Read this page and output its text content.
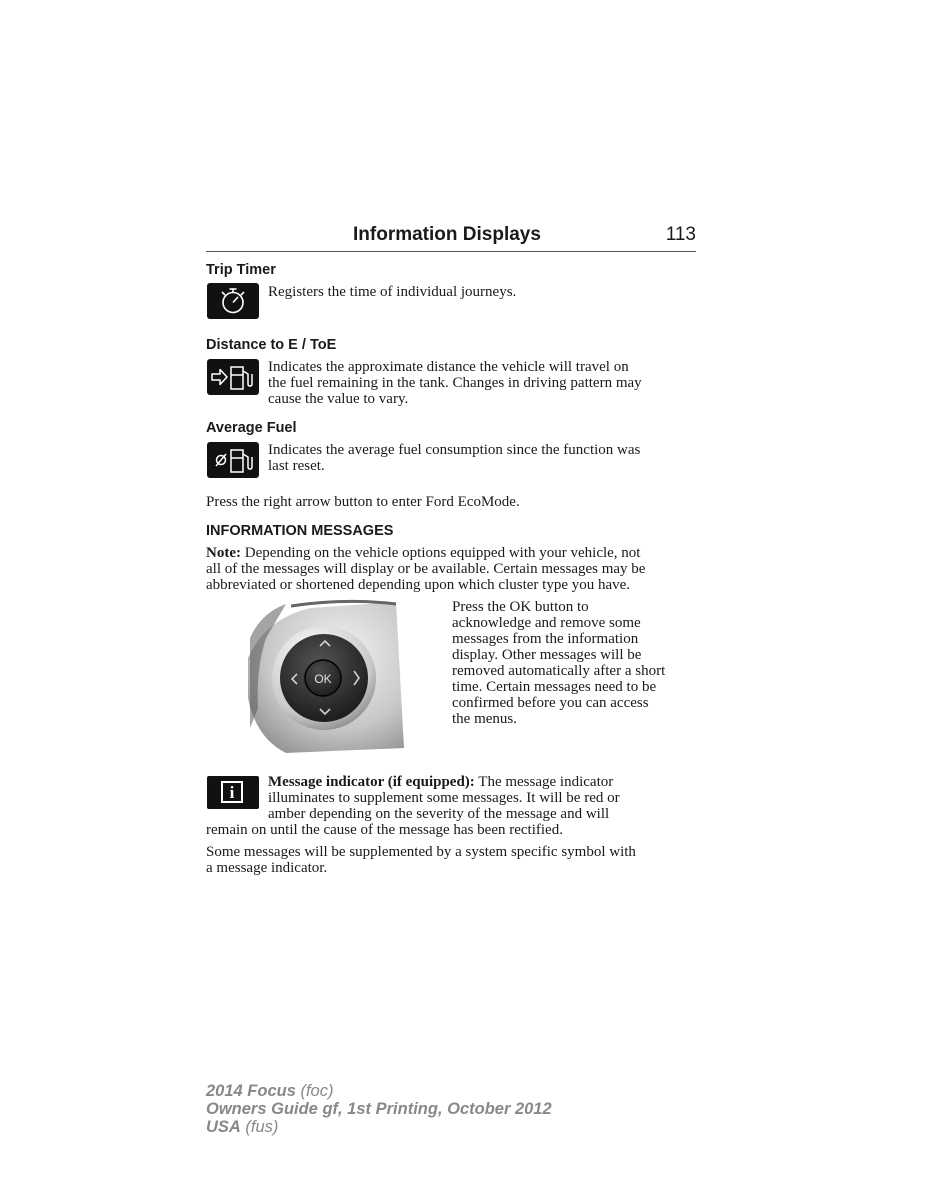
Information Displays	113
Trip Timer
Registers the time of individual journeys.
Distance to E / ToE
Indicates the approximate distance the vehicle will travel on
the fuel remaining in the tank. Changes in driving pattern may
cause the value to vary.
Average Fuel
Indicates the average fuel consumption since the function was
last reset.
Press the right arrow button to enter Ford EcoMode.
INFORMATION MESSAGES
Note: Depending on the vehicle options equipped with your vehicle, not
all of the messages will display or be available. Certain messages may be
abbreviated or shortened depending upon which cluster type you have.
OK
Press the OK button to
acknowledge and remove some
messages from the information
display. Other messages will be
removed automatically after a short
time. Certain messages need to be
confirmed before you can access
the menus.
i
Message indicator (if equipped): The message indicator
illuminates to supplement some messages. It will be red or
amber depending on the severity of the message and will
remain on until the cause of the message has been rectified.
Some messages will be supplemented by a system specific symbol with
a message indicator.
2014 Focus (foc)
Owners Guide gf, 1st Printing, October 2012
USA (fus)
